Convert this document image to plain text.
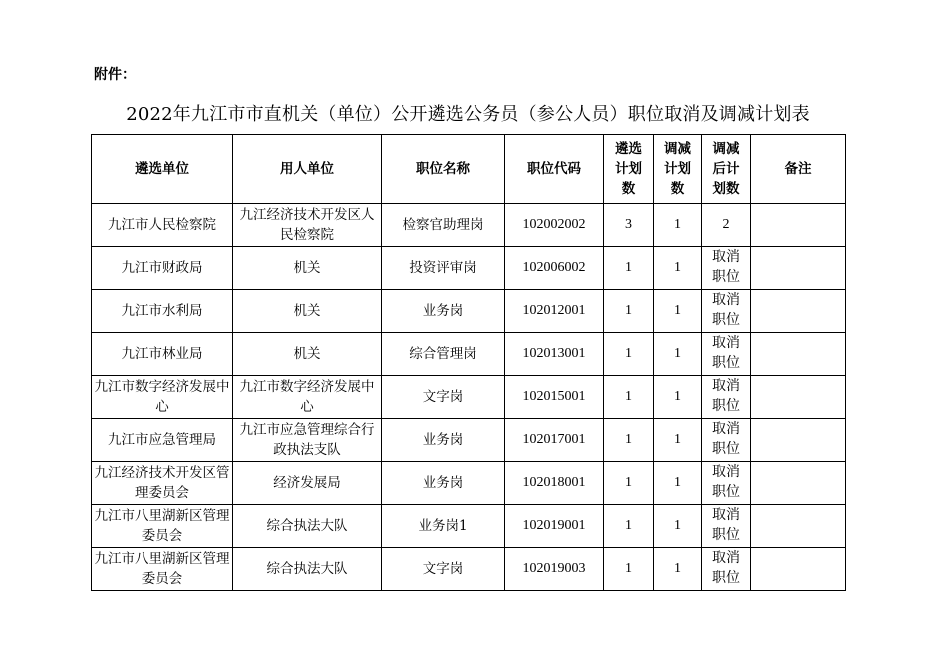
附件：
2022年九江市市直机关（单位）公开遴选公务员（参公人员）职位取消及调减计划表
遴选单位	用人单位	职位名称	职位代码	遴选计划数	调减计划数	调减后计划数	备注
九江市人民检察院	九江经济技术开发区人民检察院	检察官助理岗	102002002	3	1	2	

九江市财政局	机关	投资评审岗	102006002	1	1	取消职位	

九江市水利局	机关	业务岗	102012001	1	1	取消职位	

九江市林业局	机关	综合管理岗	102013001	1	1	取消职位	

九江市数字经济发展中心	九江市数字经济发展中心	文字岗	102015001	1	1	取消职位	

九江市应急管理局	九江市应急管理综合行政执法支队	业务岗	102017001	1	1	取消职位	

九江经济技术开发区管理委员会	经济发展局	业务岗	102018001	1	1	取消职位	

九江市八里湖新区管理委员会	综合执法大队	业务岗1	102019001	1	1	取消职位	

九江市八里湖新区管理委员会	综合执法大队	文字岗	102019003	1	1	取消职位	
